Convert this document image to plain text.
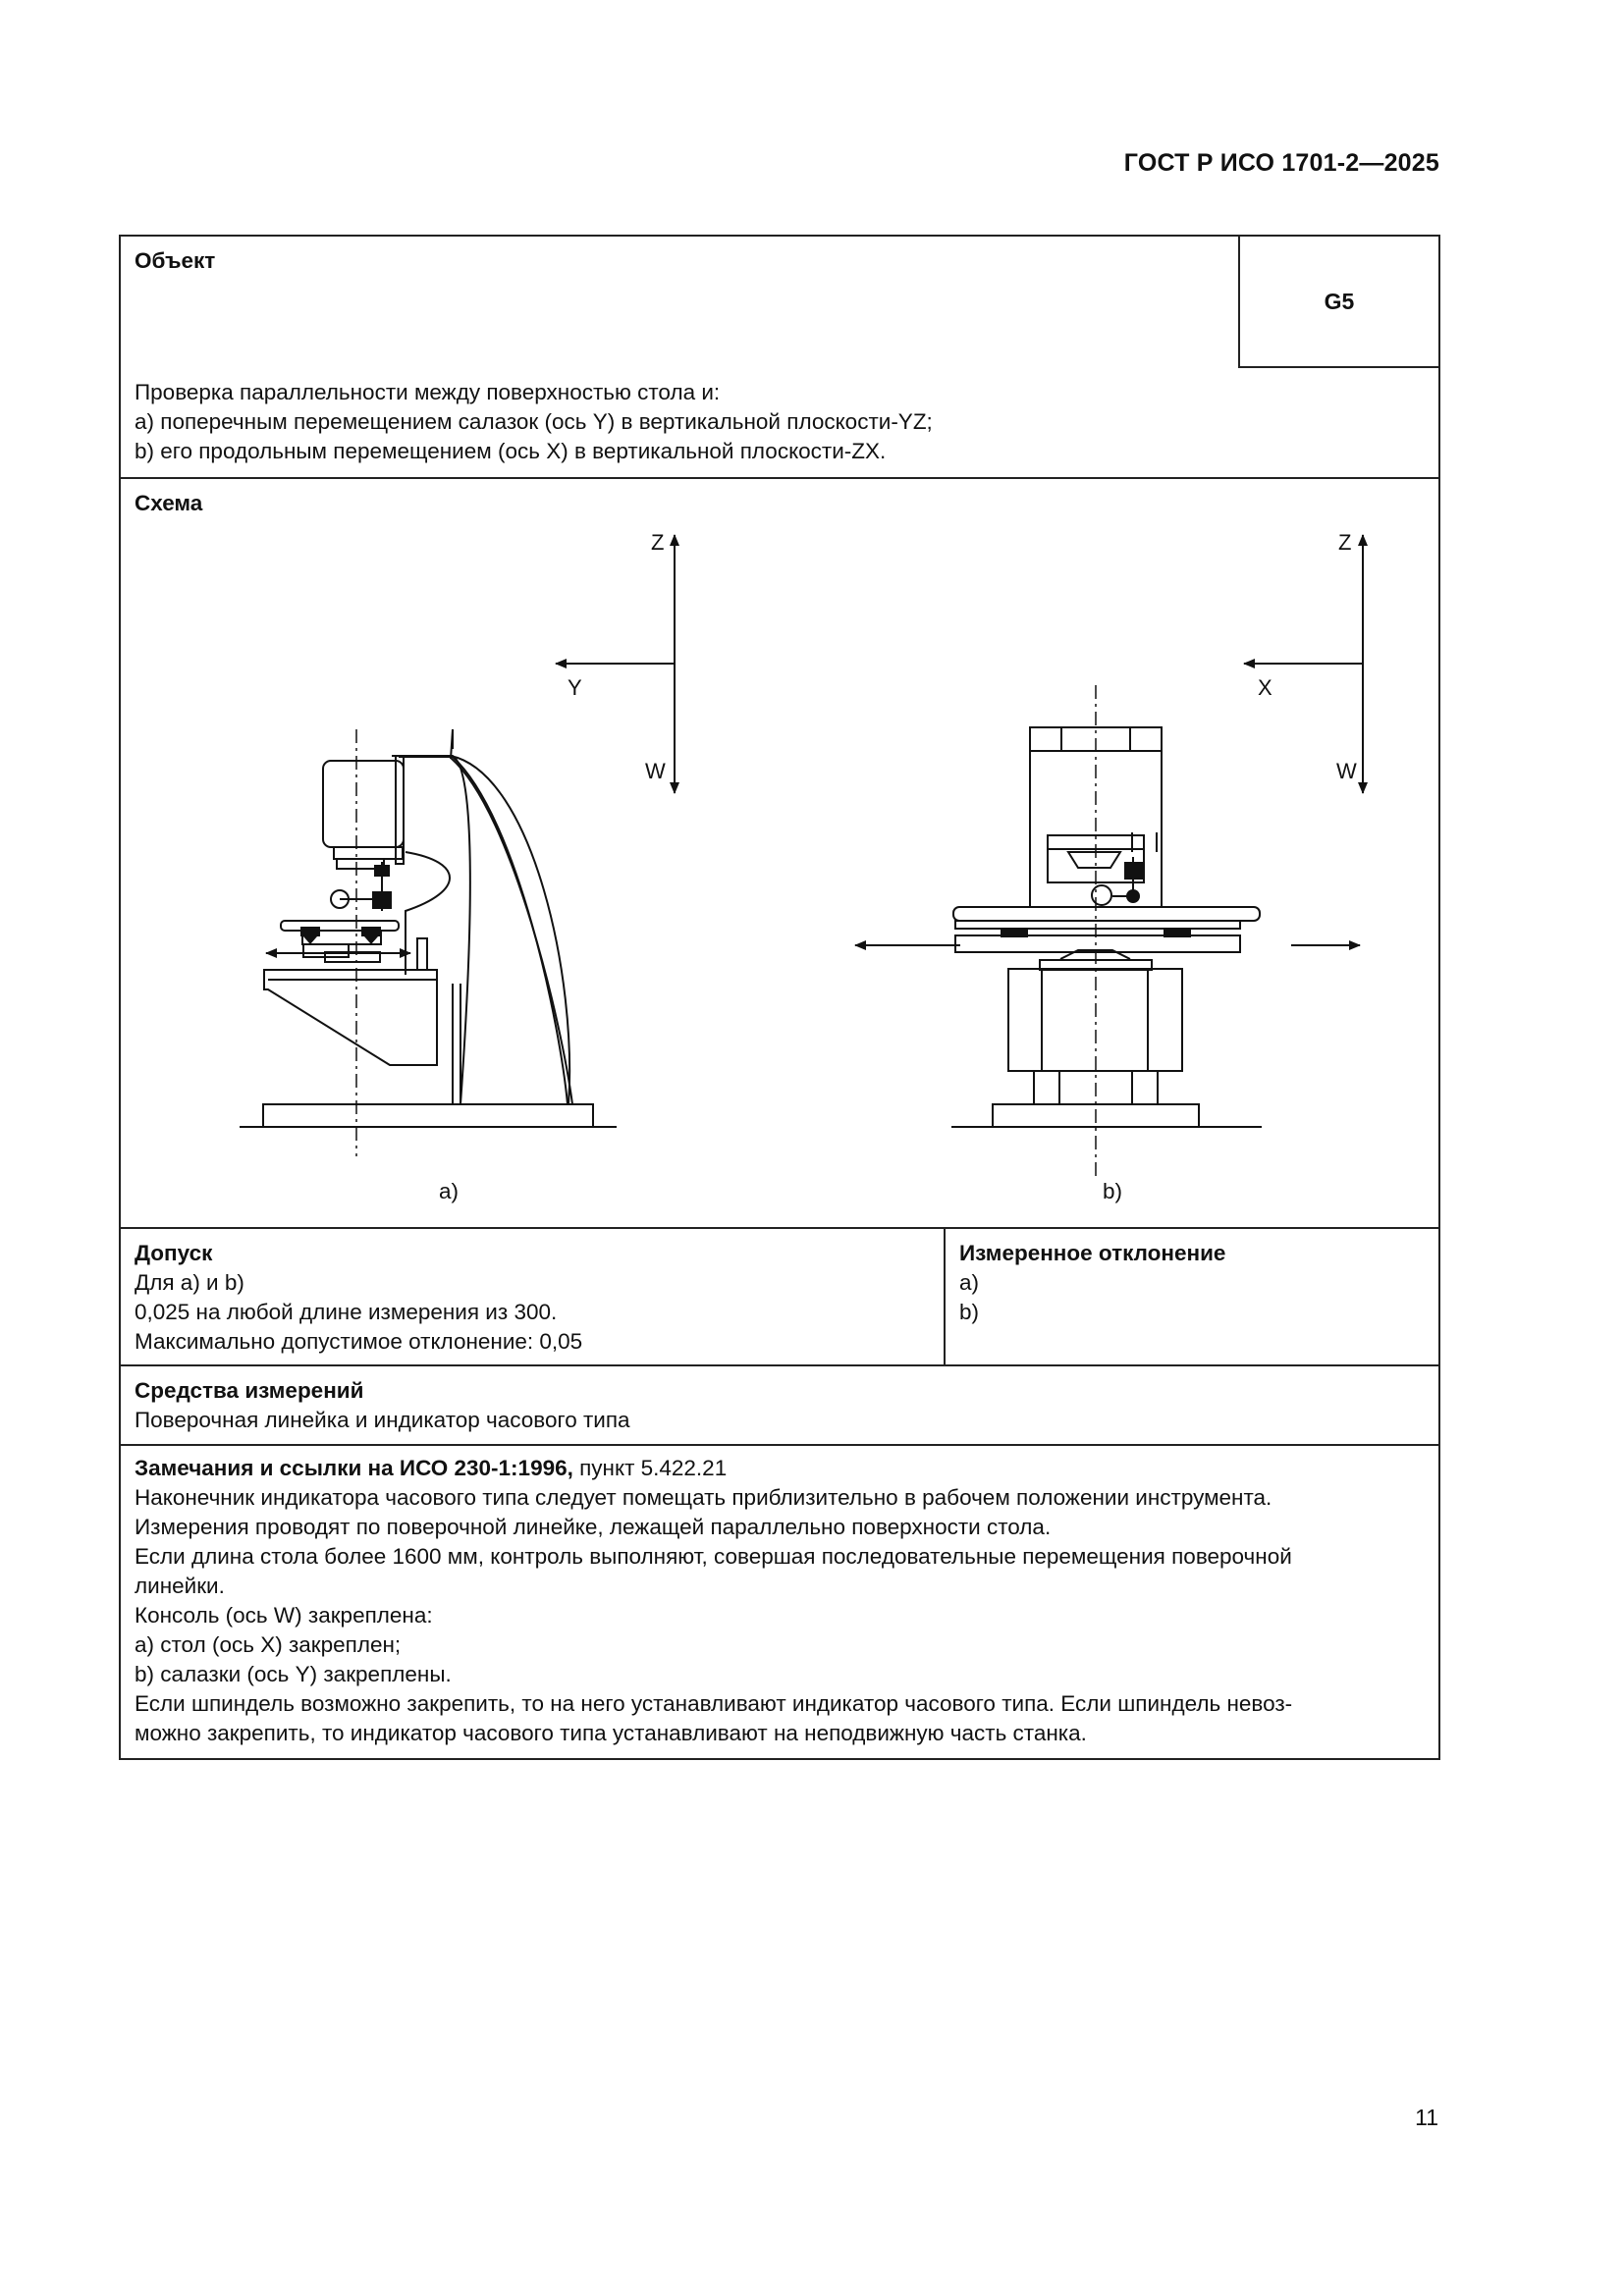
ГОСТ Р ИСО 1701-2—2025
Объект
G5
Проверка параллельности между поверхностью стола и:
a) поперечным перемещением салазок (ось Y) в вертикальной плоскости-YZ;
b) его продольным перемещением (ось X) в вертикальной плоскости-ZX.
Схема
Z
Y
W
Z
X
W
a)	b)
Допуск
Для a) и b)
0,025 на любой длине измерения из 300.
Максимально допустимое отклонение: 0,05
Измеренное отклонение
a)
b)
Средства измерений
Поверочная линейка и индикатор часового типа
Замечания и ссылки на ИСО 230-1:1996, пункт 5.422.21
Наконечник индикатора часового типа следует помещать приблизительно в рабочем положении инструмента.
Измерения проводят по поверочной линейке, лежащей параллельно поверхности стола.
Если длина стола более 1600 мм, контроль выполняют, совершая последовательные перемещения поверочной
линейки.
Консоль (ось W) закреплена:
a) стол (ось X) закреплен;
b) салазки (ось Y) закреплены.
Если шпиндель возможно закрепить, то на него устанавливают индикатор часового типа. Если шпиндель невоз-
можно закрепить, то индикатор часового типа устанавливают на неподвижную часть станка.
11
